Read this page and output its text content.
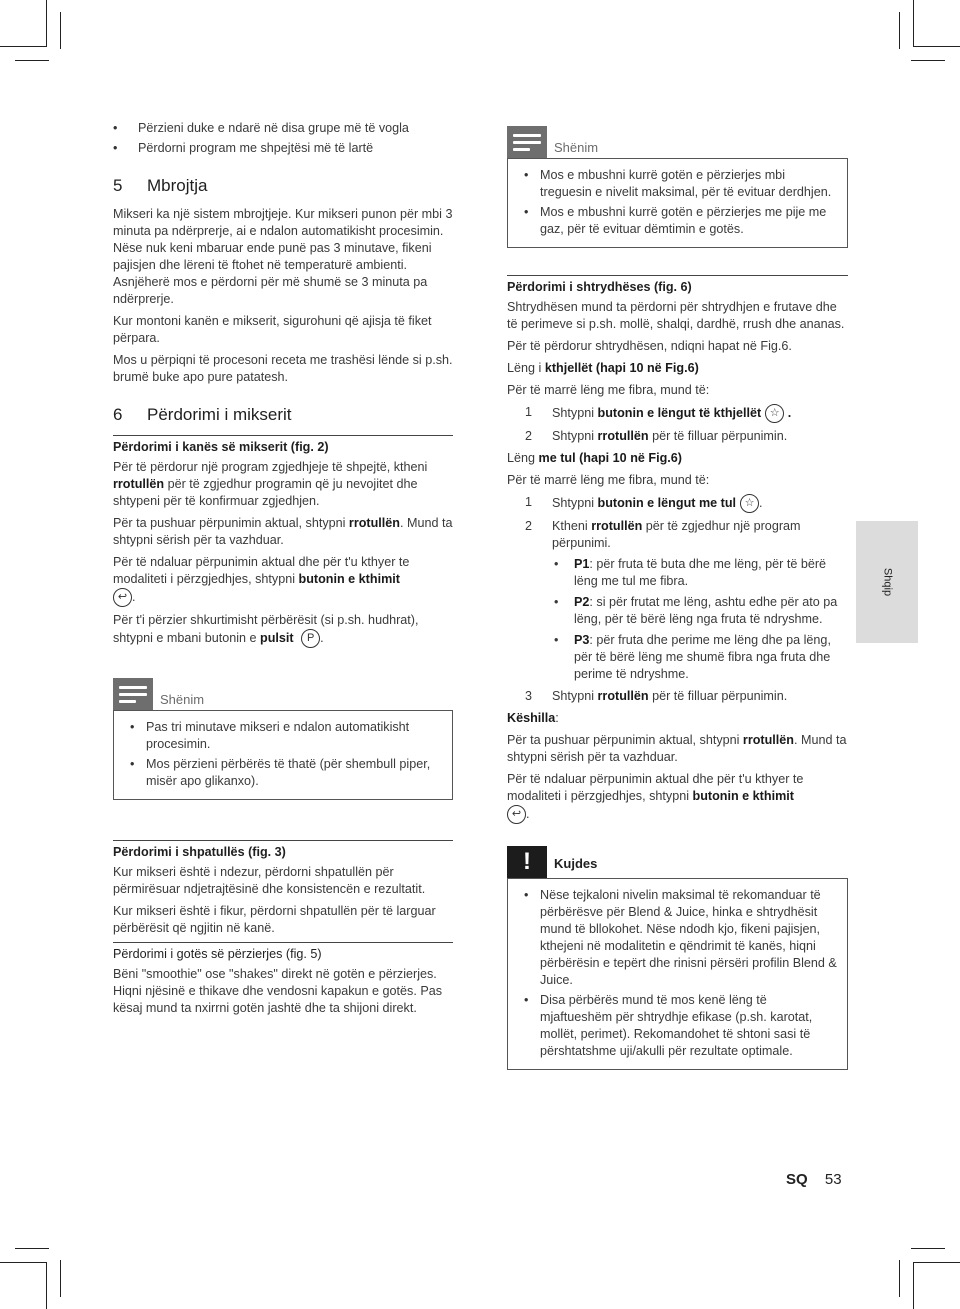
• Përzieni duke e ndarë në disa grupe më të vogla
• Përdorni program me shpejtësi më të lartë
5	Mbrojtja

Mikseri ka një sistem mbrojtjeje. Kur mikseri punon për mbi 3 minuta pa ndërprerje, ai e ndalon automatikisht procesimin. Nëse nuk keni mbaruar ende punë pas 3 minutave, fikeni pajisjen dhe lëreni të ftohet në temperaturë ambienti. Asnjëherë mos e përdorni për më shumë se 3 minuta pa ndërprerje.

Kur montoni kanën e mikserit, sigurohuni që ajisja të fiket përpara.

Mos u përpiqni të procesoni receta me trashësi lënde si p.sh. brumë buke apo pure patatesh.

6	Përdorimi i mikserit
Përdorimi i kanës së mikserit (fig. 2)

Për të përdorur një program zgjedhjeje të shpejtë, ktheni rrotullën për të zgjedhur programin që ju nevojitet dhe shtypeni për të konfirmuar zgjedhjen.

Për ta pushuar përpunimin aktual, shtypni rrotullën. Mund ta shtypni sërish për ta vazhduar.

Për të ndaluar përpunimin aktual dhe për t'u kthyer te modaliteti i përzgjedhjes, shtypni butonin e kthimit
↩ .

Për t'i përzier shkurtimisht përbërësit (si p.sh. hudhrat), shtypni e mbani butonin e pulsit P .

Shënim
• Pas tri minutave mikseri e ndalon automatikisht procesimin.
• Mos përzieni përbërës të thatë (për shembull piper, misër apo glikanxo).
Përdorimi i shpatullës (fig. 3)

Kur mikseri është i ndezur, përdorni shpatullën për përmirësuar ndjetrajtësinë dhe konsistencën e rezultatit.

Kur mikseri është i fikur, përdorni shpatullën për të larguar përbërësit që ngjitin në kanë.

Përdorimi i gotës së përzierjes (fig. 5)

Bëni "smoothie" ose "shakes" direkt në gotën e përzierjes. Hiqni njësinë e thikave dhe vendosni kapakun e gotës. Pas kësaj mund ta nxirrni gotën jashtë dhe ta shijoni direkt.

Shënim
• Mos e mbushni kurrë gotën e përzierjes mbi treguesin e nivelit maksimal, për të evituar derdhjen.
• Mos e mbushni kurrë gotën e përzierjes me pije me gaz, për të evituar dëmtimin e gotës.
Përdorimi i shtrydhëses (fig. 6)

Shtrydhësen mund ta përdorni për shtrydhjen e frutave dhe të perimeve si p.sh. mollë, shalqi, dardhë, rrush dhe ananas.

Për të përdorur shtrydhësen, ndiqni hapat në Fig.6.

Lëng i kthjellët (hapi 10 në Fig.6)

Për të marrë lëng me fibra, mund të:

1 Shtypni butonin e lëngut të kthjellët ☆ .
2 Shtypni rrotullën për të filluar përpunimin.

Lëng me tul (hapi 10 në Fig.6)

Për të marrë lëng me fibra, mund të:

1 Shtypni butonin e lëngut me tul ☆ .
2 Ktheni rrotullën për të zgjedhur një program përpunimi.
• P1: për fruta të buta dhe me lëng, për të bërë lëng me tul me fibra.
• P2: si për frutat me lëng, ashtu edhe për ato pa lëng, për të bërë lëng nga fruta të ndryshme.
• P3: për fruta dhe perime me lëng dhe pa lëng, për të bërë lëng me shumë fibra nga fruta dhe perime të ndryshme.
3 Shtypni rrotullën për të filluar përpunimin.

Këshilla:

Për ta pushuar përpunimin aktual, shtypni rrotullën. Mund ta shtypni sërish për ta vazhduar.

Për të ndaluar përpunimin aktual dhe për t'u kthyer te modaliteti i përzgjedhjes, shtypni butonin e kthimit
↩ .

!	Kujdes
• Nëse tejkaloni nivelin maksimal të rekomanduar të përbërësve për Blend & Juice, hinka e shtrydhësit mund të bllokohet. Nëse ndodh kjo, fikeni pajisjen, kthejeni në modalitetin e qëndrimit të kanës, hiqni përbërësin e tepërt dhe rinisni përsëri profilin Blend & Juice.
• Disa përbërës mund të mos kenë lëng të mjaftueshëm për shtrydhje efikase (p.sh. karotat, mollët, perimet). Rekomandohet të shtoni sasi të përshtatshme uji/akulli për rezultate optimale.
Shqip
SQ 53
